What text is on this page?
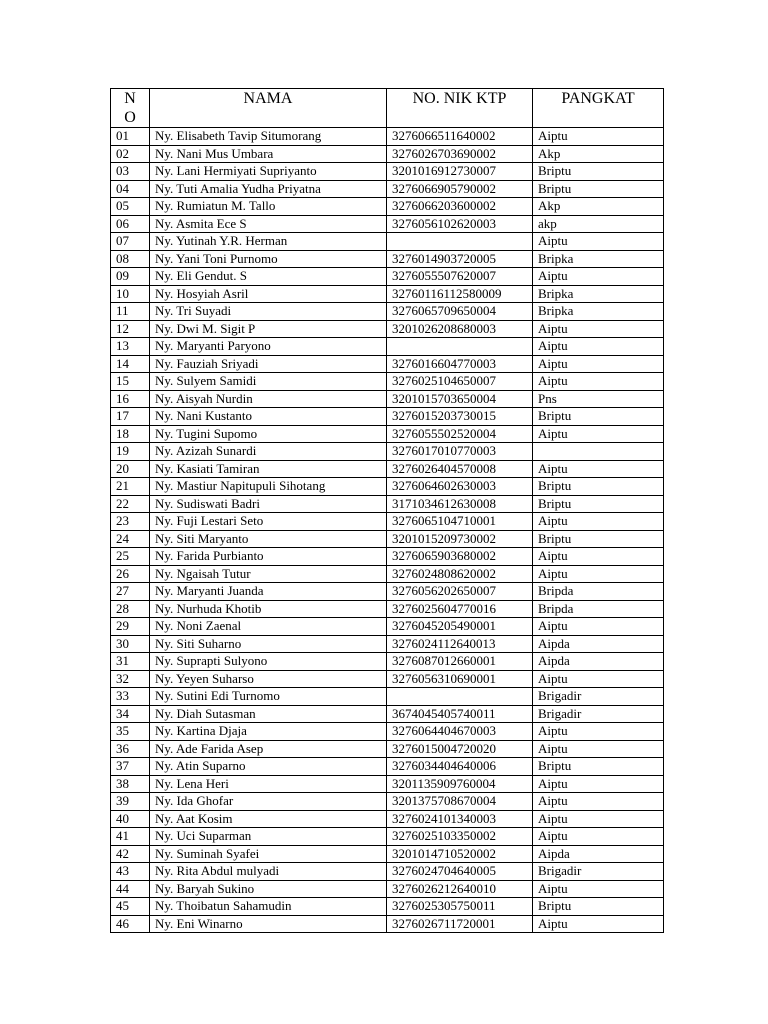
N O	NAMA	NO. NIK KTP	PANGKAT
01	Ny. Elisabeth Tavip Situmorang	3276066511640002	Aiptu
02	Ny. Nani Mus Umbara	3276026703690002	Akp
03	Ny. Lani Hermiyati Supriyanto	3201016912730007	Briptu
04	Ny. Tuti Amalia Yudha Priyatna	3276066905790002	Briptu
05	Ny. Rumiatun M. Tallo	3276066203600002	Akp
06	Ny. Asmita Ece S	3276056102620003	akp
07	Ny. Yutinah Y.R. Herman		Aiptu
08	Ny. Yani Toni Purnomo	3276014903720005	Bripka
09	Ny. Eli Gendut. S	3276055507620007	Aiptu
10	Ny. Hosyiah Asril	32760116112580009	Bripka
11	Ny. Tri Suyadi	3276065709650004	Bripka
12	Ny. Dwi M. Sigit P	3201026208680003	Aiptu
13	Ny. Maryanti Paryono		Aiptu
14	Ny. Fauziah Sriyadi	3276016604770003	Aiptu
15	Ny. Sulyem Samidi	3276025104650007	Aiptu
16	Ny. Aisyah Nurdin	3201015703650004	Pns
17	Ny. Nani Kustanto	3276015203730015	Briptu
18	Ny. Tugini Supomo	3276055502520004	Aiptu
19	Ny. Azizah Sunardi	3276017010770003	
20	Ny. Kasiati Tamiran	3276026404570008	Aiptu
21	Ny. Mastiur Napitupuli Sihotang	3276064602630003	Briptu
22	Ny. Sudiswati Badri	3171034612630008	Briptu
23	Ny. Fuji Lestari Seto	3276065104710001	Aiptu
24	Ny. Siti Maryanto	3201015209730002	Briptu
25	Ny. Farida Purbianto	3276065903680002	Aiptu
26	Ny. Ngaisah Tutur	3276024808620002	Aiptu
27	Ny. Maryanti Juanda	3276056202650007	Bripda
28	Ny. Nurhuda Khotib	3276025604770016	Bripda
29	Ny. Noni Zaenal	3276045205490001	Aiptu
30	Ny. Siti Suharno	3276024112640013	Aipda
31	Ny. Suprapti Sulyono	3276087012660001	Aipda
32	Ny. Yeyen Suharso	3276056310690001	Aiptu
33	Ny. Sutini Edi Turnomo		Brigadir
34	Ny. Diah Sutasman	3674045405740011	Brigadir
35	Ny. Kartina Djaja	3276064404670003	Aiptu
36	Ny. Ade Farida Asep	3276015004720020	Aiptu
37	Ny. Atin Suparno	3276034404640006	Briptu
38	Ny. Lena Heri	3201135909760004	Aiptu
39	Ny. Ida Ghofar	3201375708670004	Aiptu
40	Ny. Aat Kosim	3276024101340003	Aiptu
41	Ny. Uci Suparman	3276025103350002	Aiptu
42	Ny. Suminah Syafei	3201014710520002	Aipda
43	Ny. Rita Abdul mulyadi	3276024704640005	Brigadir
44	Ny. Baryah Sukino	3276026212640010	Aiptu
45	Ny. Thoibatun Sahamudin	3276025305750011	Briptu
46	Ny. Eni Winarno	3276026711720001	Aiptu
